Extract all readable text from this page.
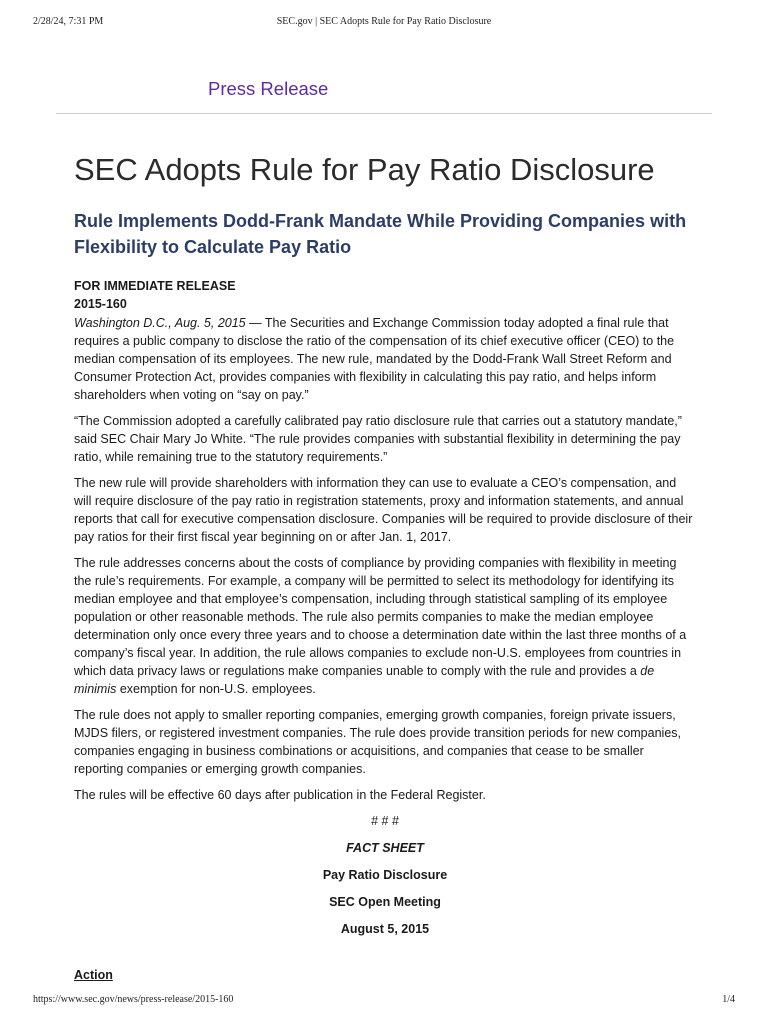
2/28/24, 7:31 PM	SEC.gov | SEC Adopts Rule for Pay Ratio Disclosure
Press Release
SEC Adopts Rule for Pay Ratio Disclosure
Rule Implements Dodd-Frank Mandate While Providing Companies with Flexibility to Calculate Pay Ratio
FOR IMMEDIATE RELEASE
2015-160

Washington D.C., Aug. 5, 2015 — The Securities and Exchange Commission today adopted a final rule that requires a public company to disclose the ratio of the compensation of its chief executive officer (CEO) to the median compensation of its employees. The new rule, mandated by the Dodd-Frank Wall Street Reform and Consumer Protection Act, provides companies with flexibility in calculating this pay ratio, and helps inform shareholders when voting on “say on pay.”

“The Commission adopted a carefully calibrated pay ratio disclosure rule that carries out a statutory mandate,” said SEC Chair Mary Jo White. “The rule provides companies with substantial flexibility in determining the pay ratio, while remaining true to the statutory requirements.”

The new rule will provide shareholders with information they can use to evaluate a CEO’s compensation, and will require disclosure of the pay ratio in registration statements, proxy and information statements, and annual reports that call for executive compensation disclosure. Companies will be required to provide disclosure of their pay ratios for their first fiscal year beginning on or after Jan. 1, 2017.

The rule addresses concerns about the costs of compliance by providing companies with flexibility in meeting the rule’s requirements. For example, a company will be permitted to select its methodology for identifying its median employee and that employee’s compensation, including through statistical sampling of its employee population or other reasonable methods. The rule also permits companies to make the median employee determination only once every three years and to choose a determination date within the last three months of a company’s fiscal year. In addition, the rule allows companies to exclude non-U.S. employees from countries in which data privacy laws or regulations make companies unable to comply with the rule and provides a de minimis exemption for non-U.S. employees.

The rule does not apply to smaller reporting companies, emerging growth companies, foreign private issuers, MJDS filers, or registered investment companies. The rule does provide transition periods for new companies, companies engaging in business combinations or acquisitions, and companies that cease to be smaller reporting companies or emerging growth companies.

The rules will be effective 60 days after publication in the Federal Register.

# # #
FACT SHEET
Pay Ratio Disclosure
SEC Open Meeting
August 5, 2015
Action
https://www.sec.gov/news/press-release/2015-160	1/4
